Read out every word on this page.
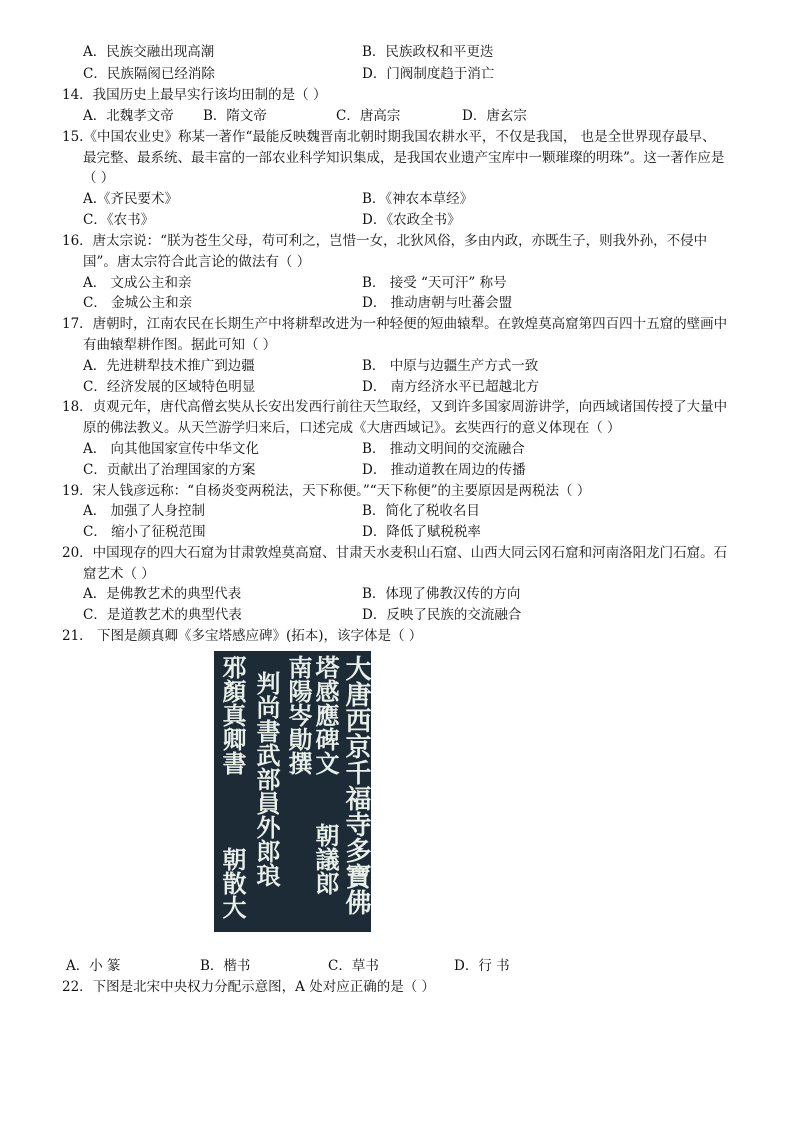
A．民族交融出现高潮	B．民族政权和平更迭
C．民族隔阂已经消除	D．门阀制度趋于消亡
14．我国历史上最早实行该均田制的是（ ）
A．北魏孝文帝 B．隋文帝	C．唐高宗	D．唐玄宗
15.《中国农业史》称某一著作“最能反映魏晋南北朝时期我国农耕水平，不仅是我国， 也是全世界现存最早、
最完整、最系统、最丰富的一部农业科学知识集成，是我国农业遗产宝库中一颗璀璨的明珠”。这一著作应是
（ ）
A.《齐民要术》	B．《神农本草经》
C．《农书》	D．《农政全书》
16．唐太宗说：“朕为苍生父母，苟可利之，岂惜一女，北狄风俗，多由内政，亦既生子，则我外孙，不侵中
国”。唐太宗符合此言论的做法有（ ）
A． 文成公主和亲	B． 接受 “天可汗” 称号
C． 金城公主和亲	D． 推动唐朝与吐蕃会盟
17．唐朝时，江南农民在长期生产中将耕犁改进为一种轻便的短曲辕犁。在敦煌莫高窟第四百四十五窟的壁画中
有曲辕犁耕作图。据此可知（ ）
A．先进耕犁技术推广到边疆	B． 中原与边疆生产方式一致
C．经济发展的区域特色明显	D． 南方经济水平已超越北方
18．贞观元年，唐代高僧玄奘从长安出发西行前往天竺取经，又到许多国家周游讲学，向西域诸国传授了大量中
原的佛法教义。从天竺游学归来后，口述完成《大唐西域记》。玄奘西行的意义体现在（ ）
A． 向其他国家宣传中华文化	B． 推动文明间的交流融合
C．贡献出了治理国家的方案	D． 推动道教在周边的传播
19．宋人钱彦远称：“自杨炎变两税法，天下称便。”“天下称便”的主要原因是两税法（ ）
A． 加强了人身控制	B．简化了税收名目
C． 缩小了征税范围	D．降低了赋税税率
20．中国现存的四大石窟为甘肃敦煌莫高窟、甘肃天水麦积山石窟、山西大同云冈石窟和河南洛阳龙门石窟。石
窟艺术（ ）
A．是佛教艺术的典型代表	B．体现了佛教汉传的方向
C．是道教艺术的典型代表	D．反映了民族的交流融合
21． 下图是颜真卿《多宝塔感应碑》(拓本)，该字体是（ ）
大唐西京千福寺多寶佛
塔感應碑文
南陽岑勛撰
朝議郎
判尚書武部員外郎琅
邪顏真卿書
朝散大
A．小 篆	B．楷书	C．草书	D．行 书
22．下图是北宋中央权力分配示意图，A 处对应正确的是（ ）
